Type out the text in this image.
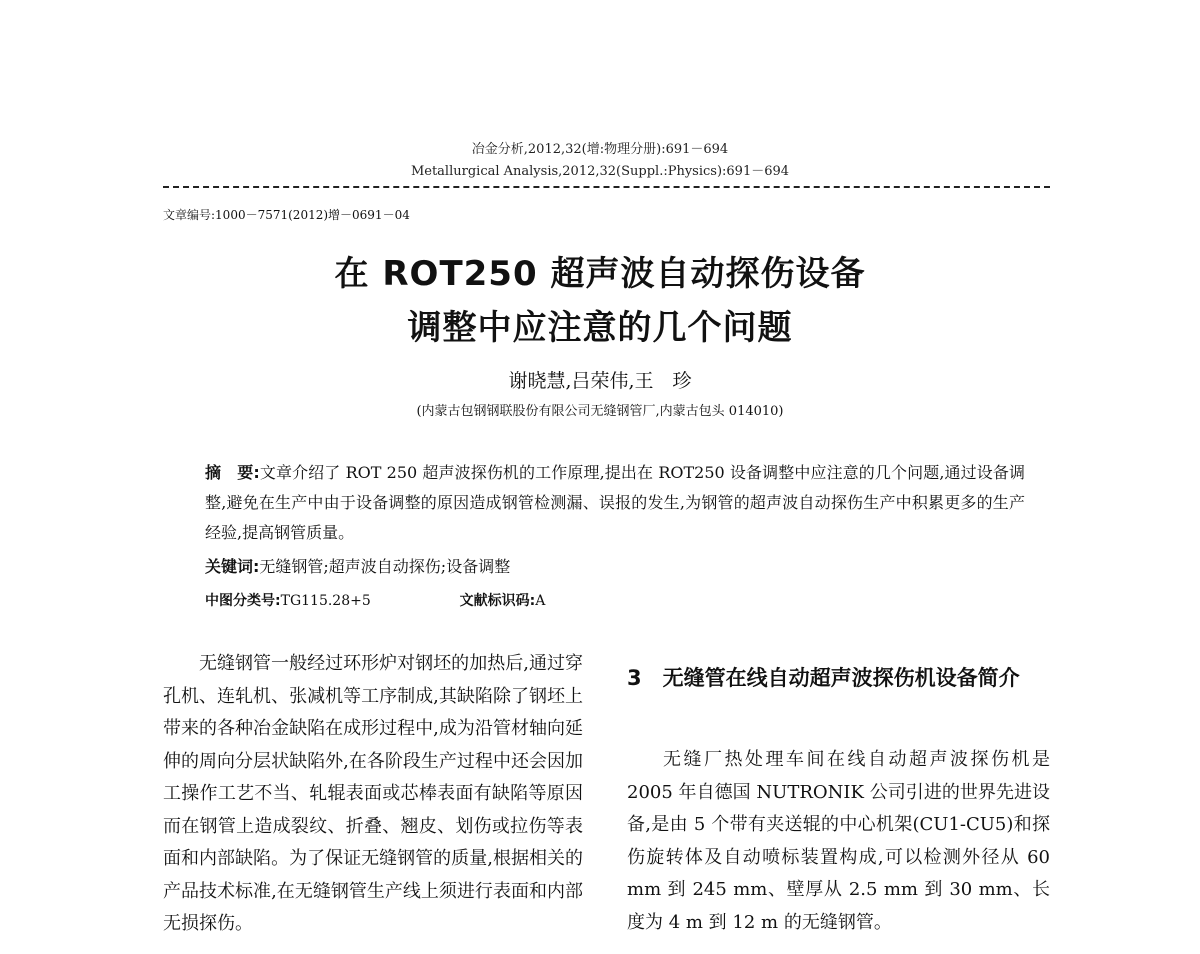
冶金分析,2012,32(增:物理分册):691－694
Metallurgical Analysis,2012,32(Suppl.:Physics):691－694
文章编号:1000－7571(2012)增－0691－04
在 ROT250 超声波自动探伤设备
调整中应注意的几个问题
谢晓慧,吕荣伟,王　珍
(内蒙古包钢钢联股份有限公司无缝钢管厂,内蒙古包头 014010)
摘　要:文章介绍了 ROT 250 超声波探伤机的工作原理,提出在 ROT250 设备调整中应注意的几个问题,通过设备调整,避免在生产中由于设备调整的原因造成钢管检测漏、误报的发生,为钢管的超声波自动探伤生产中积累更多的生产经验,提高钢管质量。
关键词:无缝钢管;超声波自动探伤;设备调整
中图分类号:TG115.28+5	文献标识码:A
无缝钢管一般经过环形炉对钢坯的加热后,通过穿孔机、连轧机、张减机等工序制成,其缺陷除了钢坯上带来的各种冶金缺陷在成形过程中,成为沿管材轴向延伸的周向分层状缺陷外,在各阶段生产过程中还会因加工操作工艺不当、轧辊表面或芯棒表面有缺陷等原因而在钢管上造成裂纹、折叠、翘皮、划伤或拉伤等表面和内部缺陷。为了保证无缝钢管的质量,根据相关的产品技术标准,在无缝钢管生产线上须进行表面和内部无损探伤。
3　无缝管在线自动超声波探伤机设备简介
无缝厂热处理车间在线自动超声波探伤机是 2005 年自德国 NUTRONIK 公司引进的世界先进设备,是由 5 个带有夹送辊的中心机架(CU1-CU5)和探伤旋转体及自动喷标装置构成,可以检测外径从 60 mm 到 245 mm、壁厚从 2.5 mm 到 30 mm、长度为 4 m 到 12 m 的无缝钢管。
